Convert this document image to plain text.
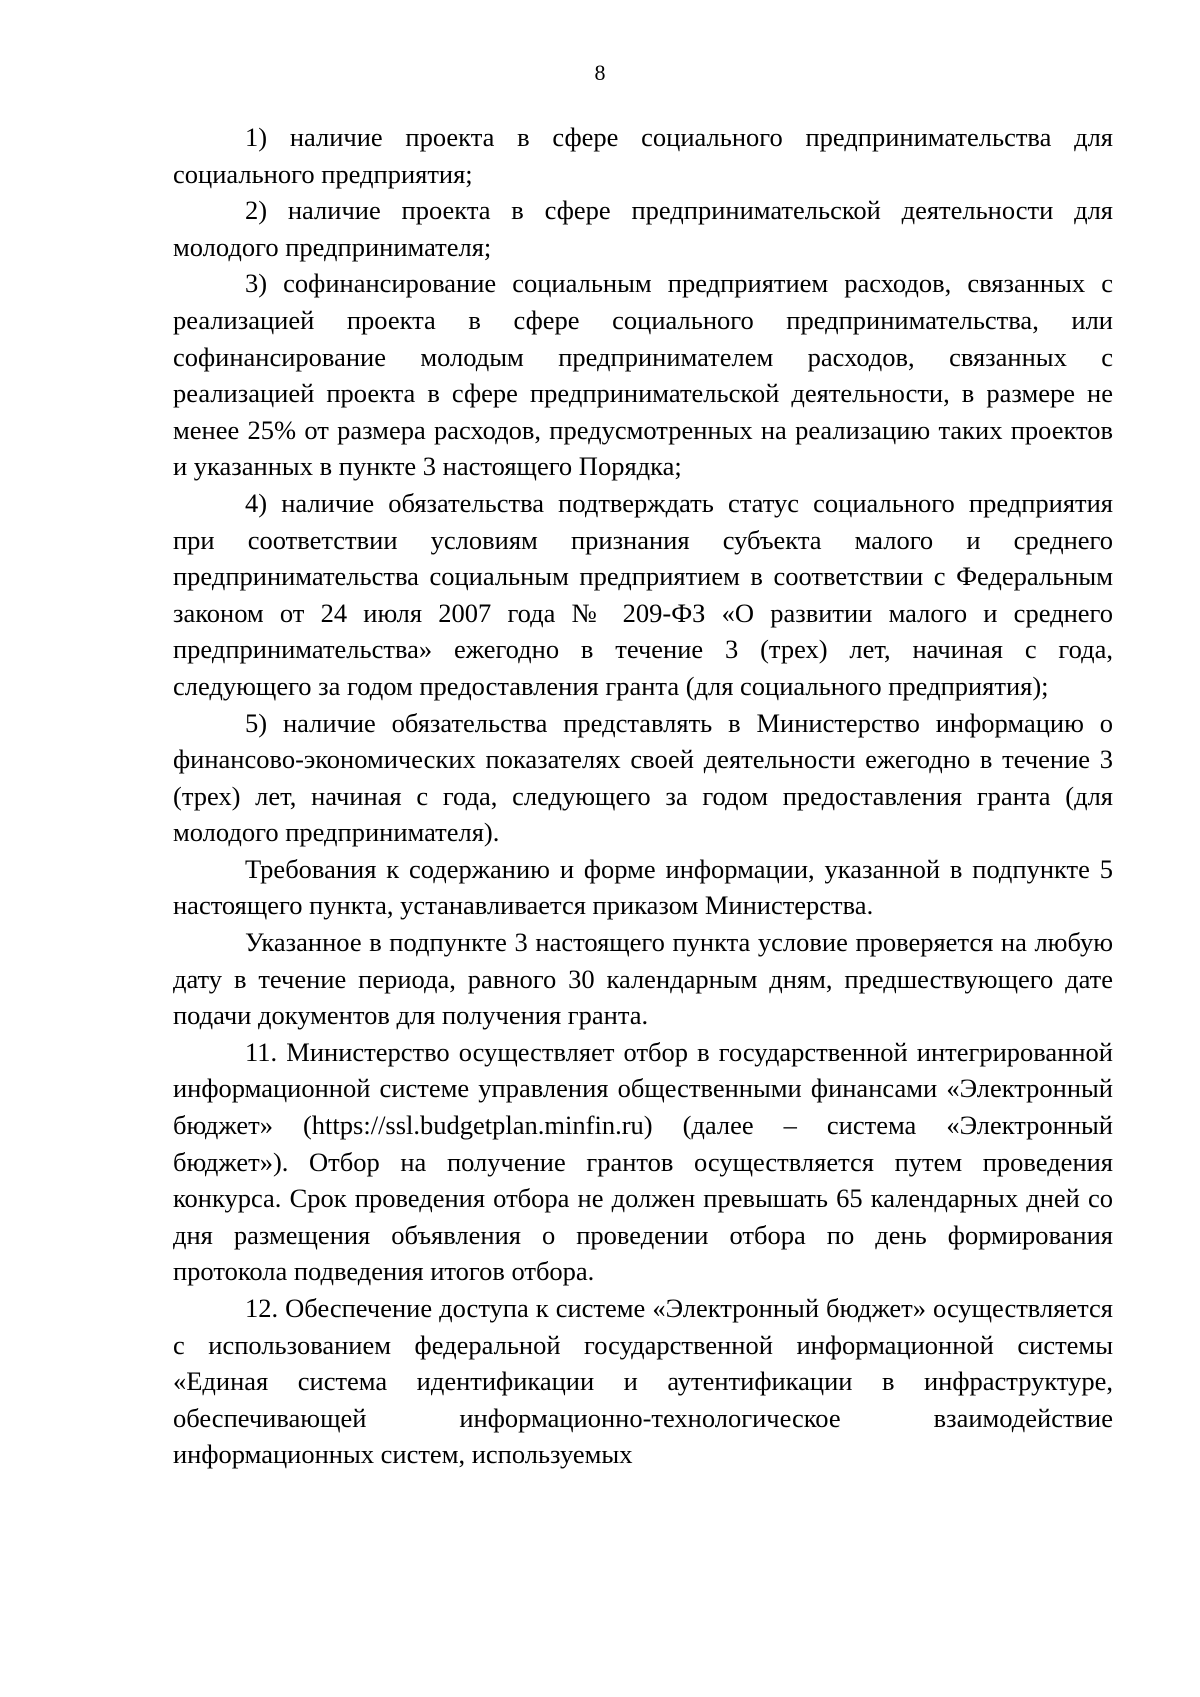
8

1) наличие проекта в сфере социального предпринимательства для социального предприятия;

2) наличие проекта в сфере предпринимательской деятельности для молодого предпринимателя;

3) софинансирование социальным предприятием расходов, связанных с реализацией проекта в сфере социального предпринимательства, или софинансирование молодым предпринимателем расходов, связанных с реализацией проекта в сфере предпринимательской деятельности, в размере не менее 25% от размера расходов, предусмотренных на реализацию таких проектов и указанных в пункте 3 настоящего Порядка;

4) наличие обязательства подтверждать статус социального предприятия при соответствии условиям признания субъекта малого и среднего предпринимательства социальным предприятием в соответствии с Федеральным законом от 24 июля 2007 года № 209-ФЗ «О развитии малого и среднего предпринимательства» ежегодно в течение 3 (трех) лет, начиная с года, следующего за годом предоставления гранта (для социального предприятия);

5) наличие обязательства представлять в Министерство информацию о финансово-экономических показателях своей деятельности ежегодно в течение 3 (трех) лет, начиная с года, следующего за годом предоставления гранта (для молодого предпринимателя).

Требования к содержанию и форме информации, указанной в подпункте 5 настоящего пункта, устанавливается приказом Министерства.

Указанное в подпункте 3 настоящего пункта условие проверяется на любую дату в течение периода, равного 30 календарным дням, предшествующего дате подачи документов для получения гранта.

11. Министерство осуществляет отбор в государственной интегрированной информационной системе управления общественными финансами «Электронный бюджет» (https://ssl.budgetplan.minfin.ru) (далее – система «Электронный бюджет»). Отбор на получение грантов осуществляется путем проведения конкурса. Срок проведения отбора не должен превышать 65 календарных дней со дня размещения объявления о проведении отбора по день формирования протокола подведения итогов отбора.

12. Обеспечение доступа к системе «Электронный бюджет» осуществляется с использованием федеральной государственной информационной системы «Единая система идентификации и аутентификации в инфраструктуре, обеспечивающей информационно-технологическое взаимодействие информационных систем, используемых
